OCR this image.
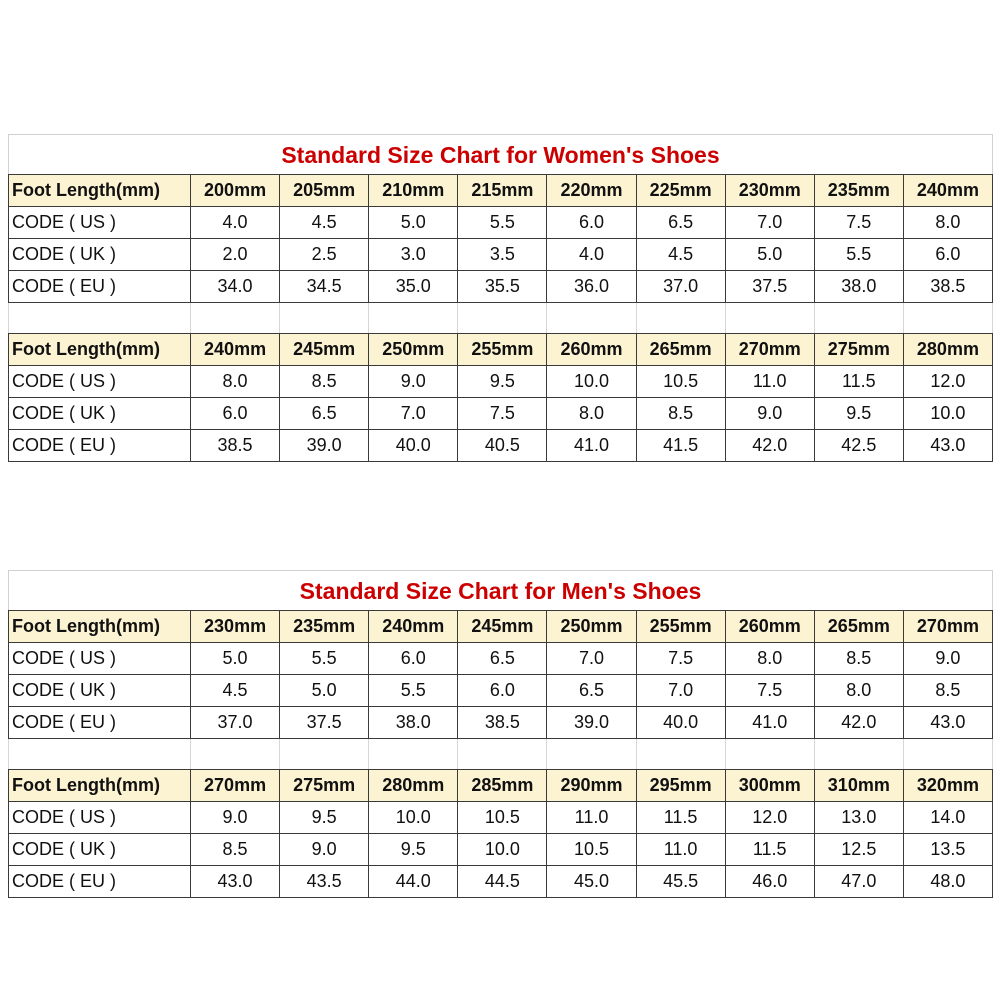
Standard Size Chart for Women's Shoes
Foot Length(mm)	200mm	205mm	210mm	215mm	220mm	225mm	230mm	235mm	240mm
CODE ( US )	4.0	4.5	5.0	5.5	6.0	6.5	7.0	7.5	8.0
CODE ( UK )	2.0	2.5	3.0	3.5	4.0	4.5	5.0	5.5	6.0
CODE ( EU )	34.0	34.5	35.0	35.5	36.0	37.0	37.5	38.0	38.5

Foot Length(mm)	240mm	245mm	250mm	255mm	260mm	265mm	270mm	275mm	280mm
CODE ( US )	8.0	8.5	9.0	9.5	10.0	10.5	11.0	11.5	12.0
CODE ( UK )	6.0	6.5	7.0	7.5	8.0	8.5	9.0	9.5	10.0
CODE ( EU )	38.5	39.0	40.0	40.5	41.0	41.5	42.0	42.5	43.0
Standard Size Chart for Men's Shoes
Foot Length(mm)	230mm	235mm	240mm	245mm	250mm	255mm	260mm	265mm	270mm
CODE ( US )	5.0	5.5	6.0	6.5	7.0	7.5	8.0	8.5	9.0
CODE ( UK )	4.5	5.0	5.5	6.0	6.5	7.0	7.5	8.0	8.5
CODE ( EU )	37.0	37.5	38.0	38.5	39.0	40.0	41.0	42.0	43.0

Foot Length(mm)	270mm	275mm	280mm	285mm	290mm	295mm	300mm	310mm	320mm
CODE ( US )	9.0	9.5	10.0	10.5	11.0	11.5	12.0	13.0	14.0
CODE ( UK )	8.5	9.0	9.5	10.0	10.5	11.0	11.5	12.5	13.5
CODE ( EU )	43.0	43.5	44.0	44.5	45.0	45.5	46.0	47.0	48.0
